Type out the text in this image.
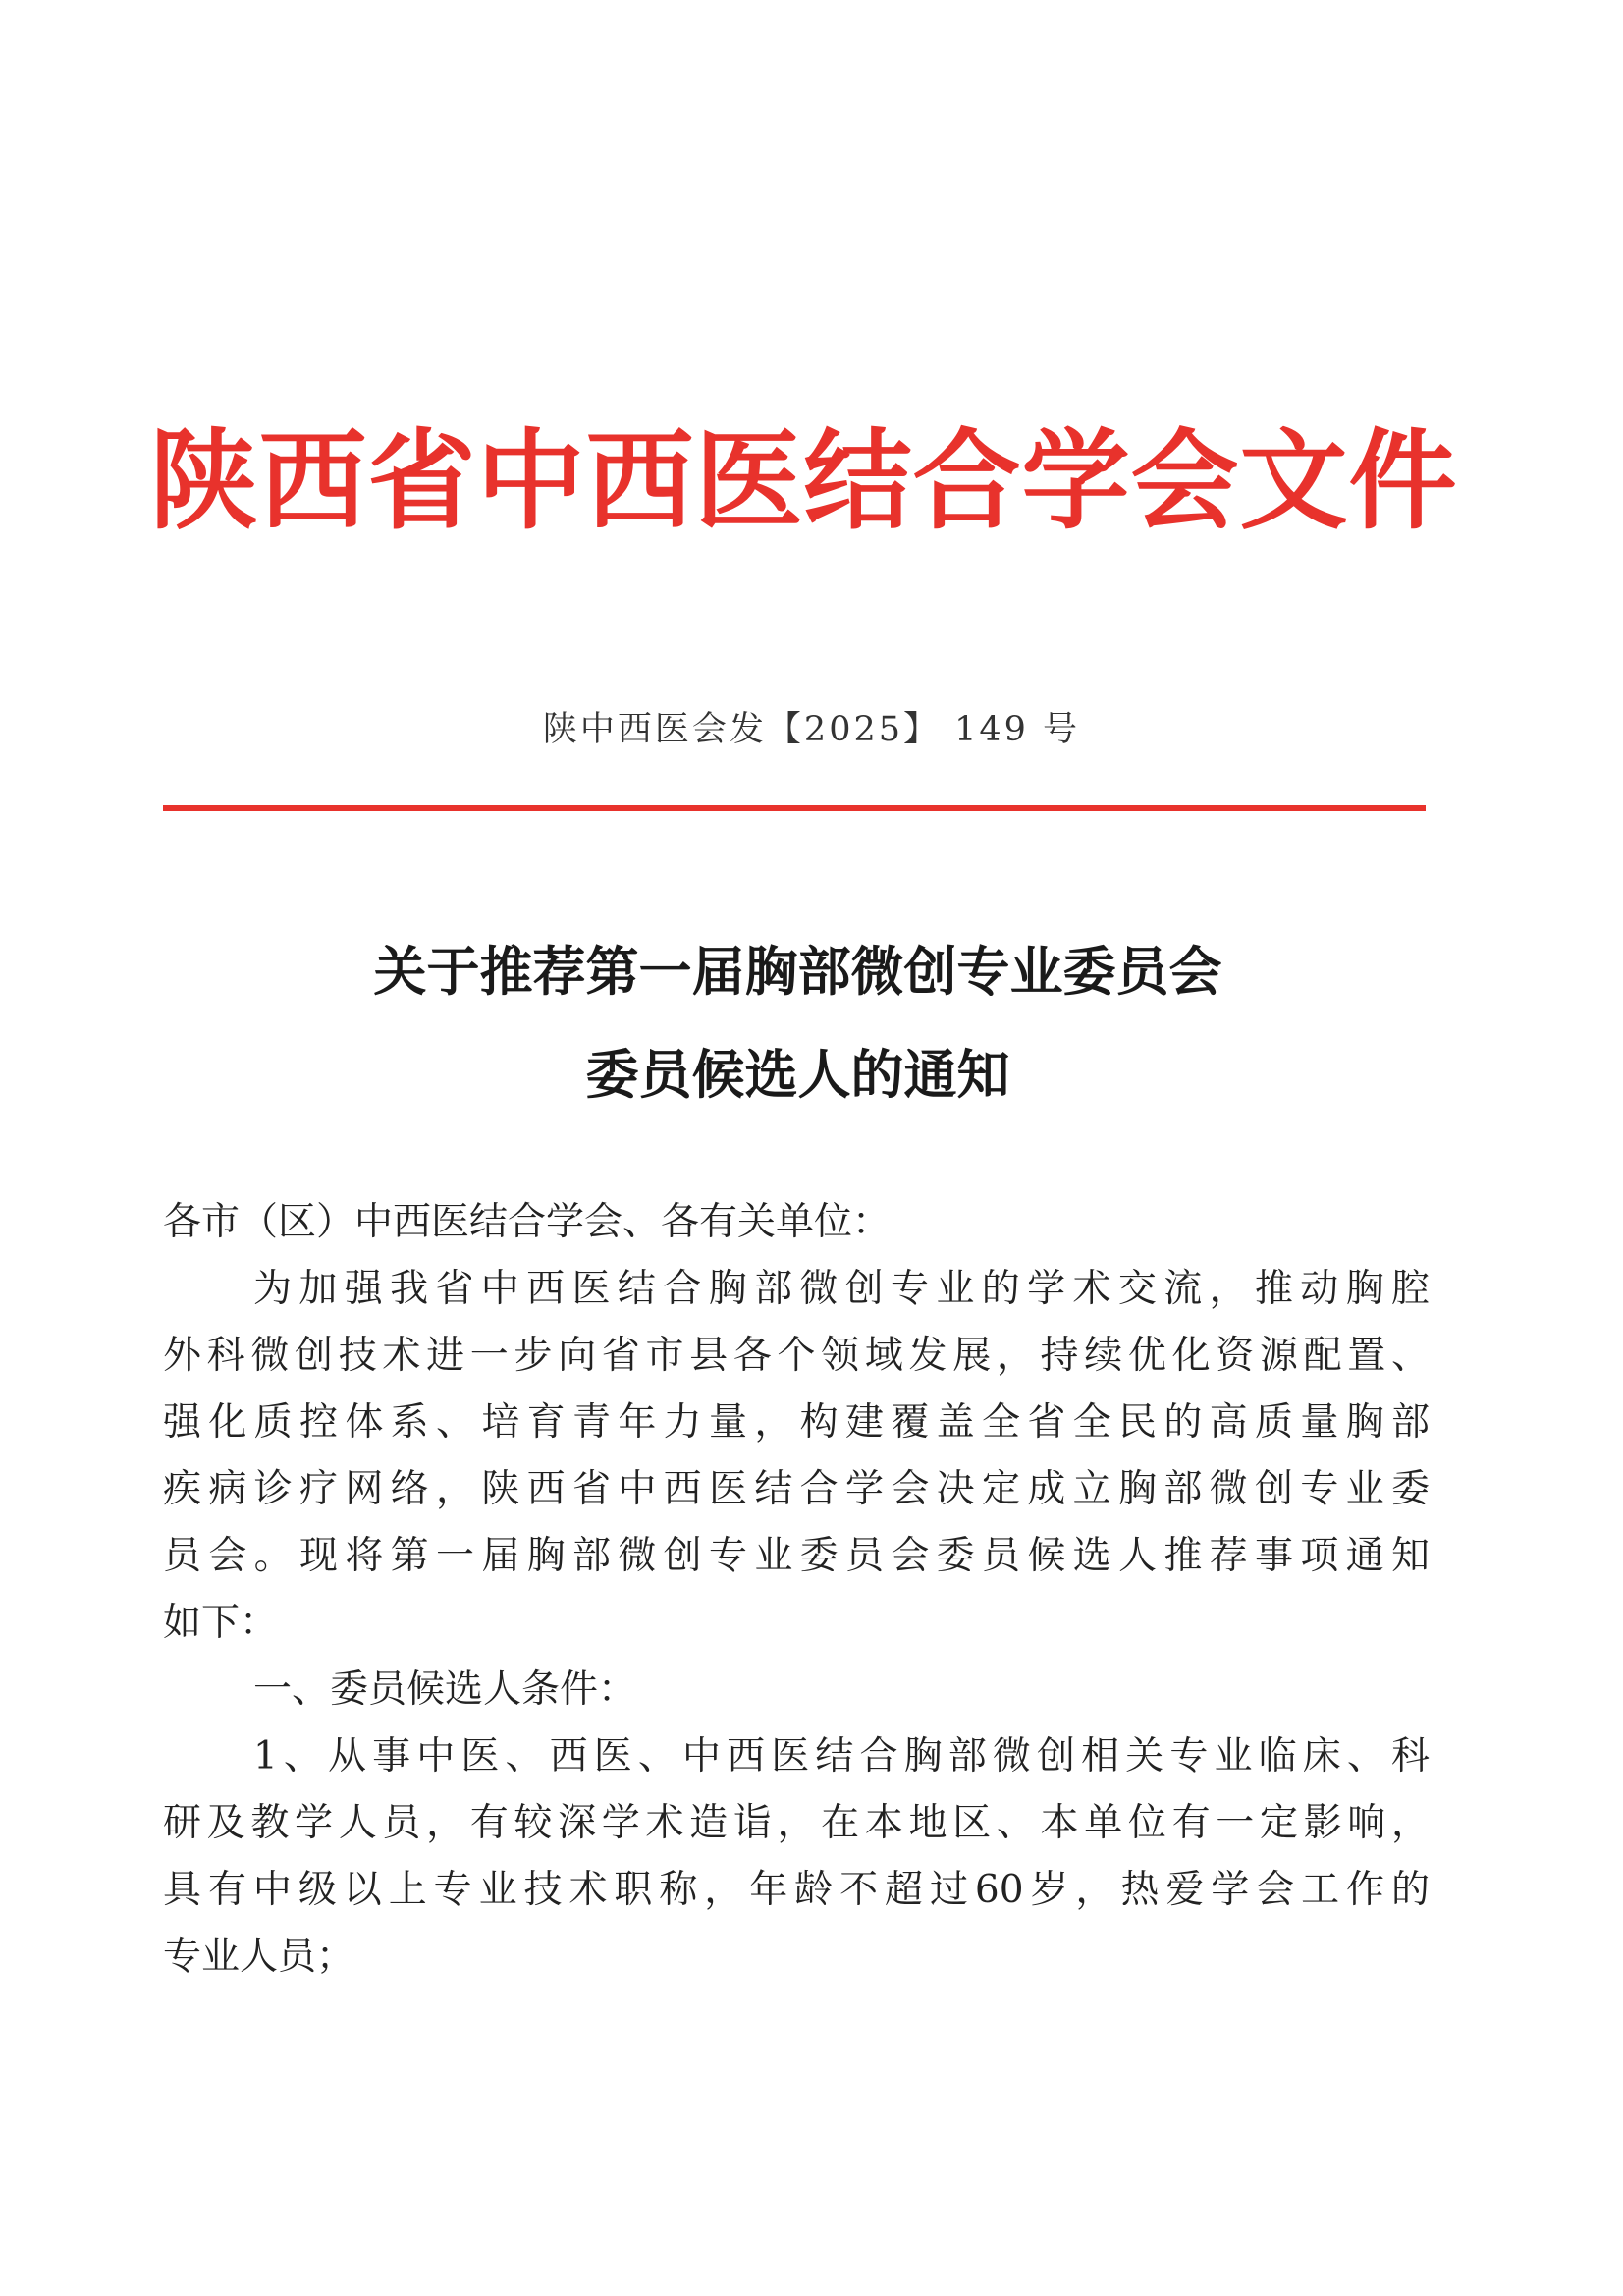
陕西省中西医结合学会文件
陕中西医会发【2025】 149 号
关于推荐第一届胸部微创专业委员会
委员候选人的通知
各市（区）中西医结合学会、各有关单位：
为加强我省中西医结合胸部微创专业的学术交流，推动胸腔
外科微创技术进一步向省市县各个领域发展，持续优化资源配置、
强化质控体系、培育青年力量，构建覆盖全省全民的高质量胸部
疾病诊疗网络，陕西省中西医结合学会决定成立胸部微创专业委
员会。现将第一届胸部微创专业委员会委员候选人推荐事项通知
如下：
一、委员候选人条件：
1、从事中医、西医、中西医结合胸部微创相关专业临床、科
研及教学人员，有较深学术造诣，在本地区、本单位有一定影响，
具有中级以上专业技术职称，年龄不超过60岁，热爱学会工作的
专业人员；
